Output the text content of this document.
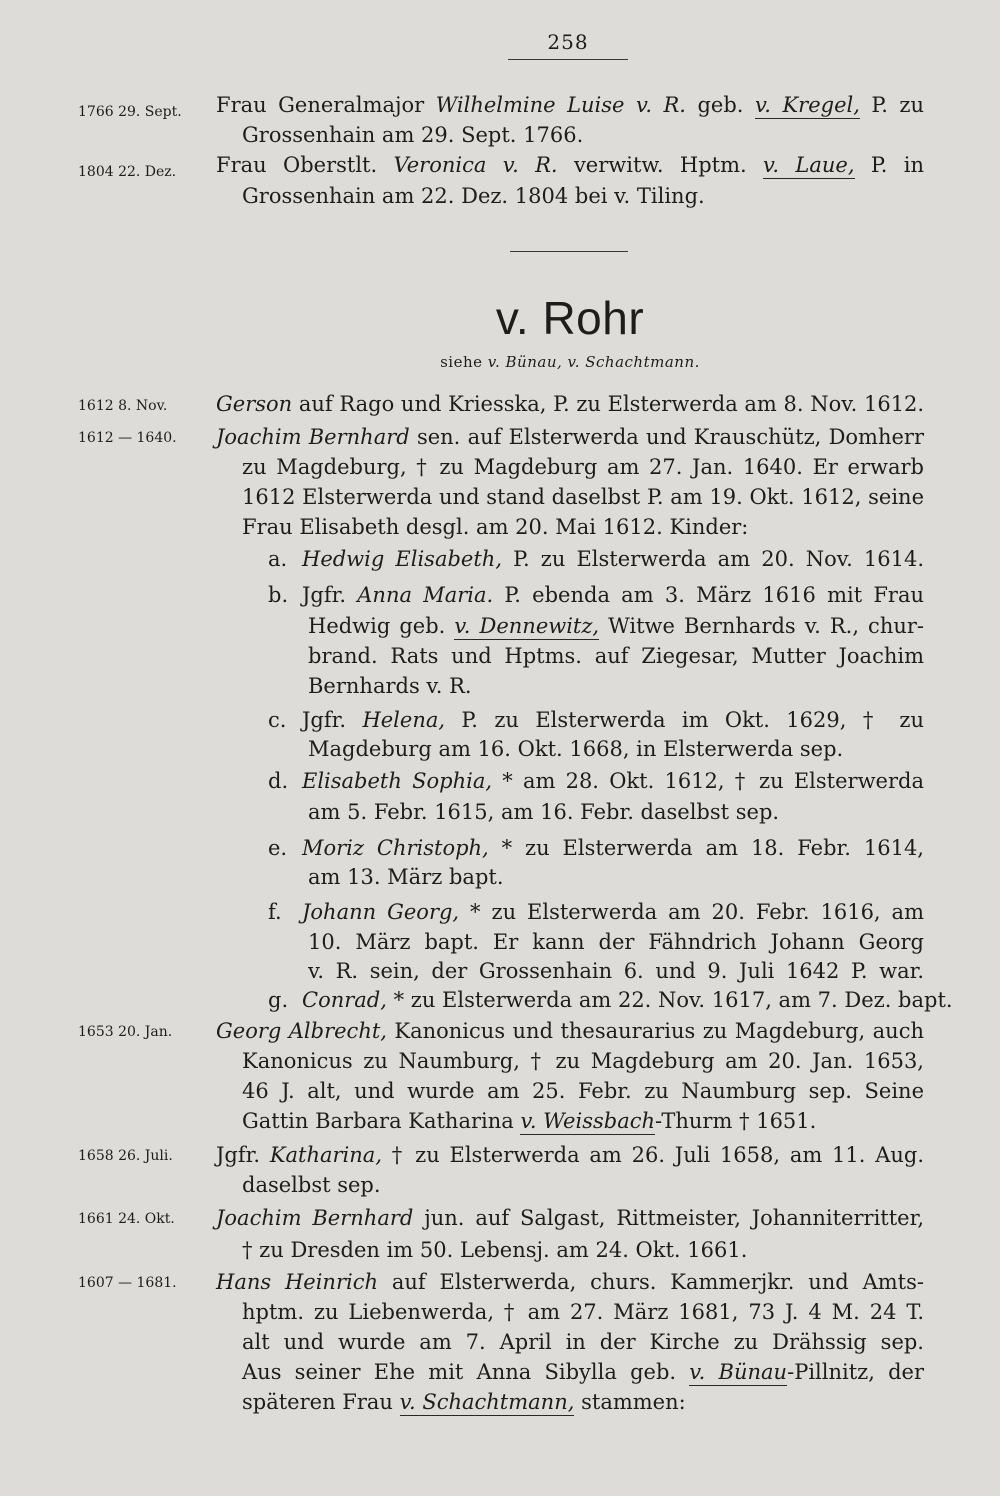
258
1766 29. Sept.	Frau Generalmajor Wilhelmine Luise v. R. geb. v. Kregel, P. zu
Grossenhain am 29. Sept. 1766.
1804 22. Dez.	Frau Oberstlt. Veronica v. R. verwitw. Hptm. v. Laue, P. in
Grossenhain am 22. Dez. 1804 bei v. Tiling.
v. Rohr
siehe v. Bünau, v. Schachtmann.
1612 8. Nov.	Gerson auf Rago und Kriesska, P. zu Elsterwerda am 8. Nov. 1612.
1612 — 1640.	Joachim Bernhard sen. auf Elsterwerda und Krauschütz, Domherr
zu Magdeburg, † zu Magdeburg am 27. Jan. 1640. Er erwarb
1612 Elsterwerda und stand daselbst P. am 19. Okt. 1612, seine
Frau Elisabeth desgl. am 20. Mai 1612. Kinder:
a. Hedwig Elisabeth, P. zu Elsterwerda am 20. Nov. 1614.
b. Jgfr. Anna Maria. P. ebenda am 3. März 1616 mit Frau
Hedwig geb. v. Dennewitz, Witwe Bernhards v. R., chur-
brand. Rats und Hptms. auf Ziegesar, Mutter Joachim
Bernhards v. R.
c. Jgfr. Helena, P. zu Elsterwerda im Okt. 1629, † zu
Magdeburg am 16. Okt. 1668, in Elsterwerda sep.
d. Elisabeth Sophia, * am 28. Okt. 1612, † zu Elsterwerda
am 5. Febr. 1615, am 16. Febr. daselbst sep.
e. Moriz Christoph, * zu Elsterwerda am 18. Febr. 1614,
am 13. März bapt.
f. Johann Georg, * zu Elsterwerda am 20. Febr. 1616, am
10. März bapt. Er kann der Fähndrich Johann Georg
v. R. sein, der Grossenhain 6. und 9. Juli 1642 P. war.
g. Conrad, * zu Elsterwerda am 22. Nov. 1617, am 7. Dez. bapt.
1653 20. Jan.	Georg Albrecht, Kanonicus und thesaurarius zu Magdeburg, auch
Kanonicus zu Naumburg, † zu Magdeburg am 20. Jan. 1653,
46 J. alt, und wurde am 25. Febr. zu Naumburg sep. Seine
Gattin Barbara Katharina v. Weissbach-Thurm † 1651.
1658 26. Juli.	Jgfr. Katharina, † zu Elsterwerda am 26. Juli 1658, am 11. Aug.
daselbst sep.
1661 24. Okt.	Joachim Bernhard jun. auf Salgast, Rittmeister, Johanniterritter,
† zu Dresden im 50. Lebensj. am 24. Okt. 1661.
1607 — 1681.	Hans Heinrich auf Elsterwerda, churs. Kammerjkr. und Amts-
hptm. zu Liebenwerda, † am 27. März 1681, 73 J. 4 M. 24 T.
alt und wurde am 7. April in der Kirche zu Drähssig sep.
Aus seiner Ehe mit Anna Sibylla geb. v. Bünau-Pillnitz, der
späteren Frau v. Schachtmann, stammen:
